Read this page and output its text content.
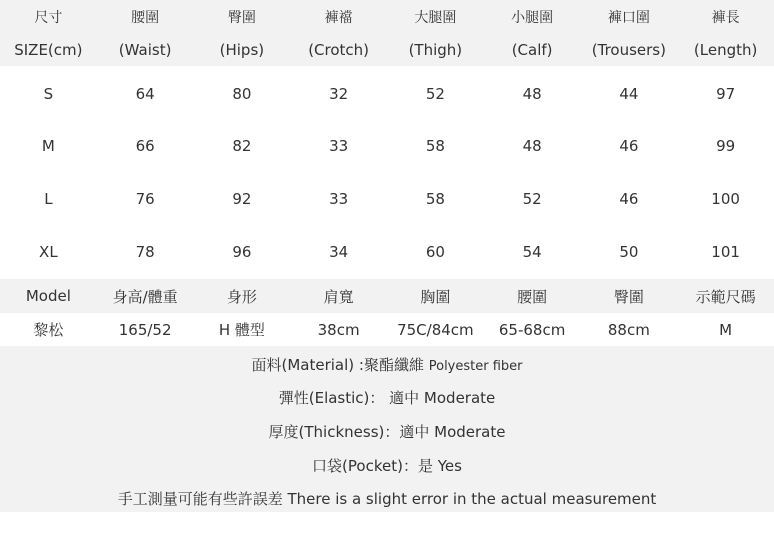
尺寸	腰圍	臀圍	褲襠	大腿圍	小腿圍	褲口圍	褲長
SIZE(cm)	(Waist)	(Hips)	(Crotch)	(Thigh)	(Calf)	(Trousers)	(Length)
S	64	80	32	52	48	44	97
M	66	82	33	58	48	46	99
L	76	92	33	58	52	46	100
XL	78	96	34	60	54	50	101
Model	身高/體重	身形	肩寬	胸圍	腰圍	臀圍	示範尺碼
黎松	165/52	H 體型	38cm	75C/84cm	65-68cm	88cm	M
面料(Material) :聚酯纖維 Polyester fiber
彈性(Elastic)： 適中 Moderate
厚度(Thickness)：適中 Moderate
口袋(Pocket)：是 Yes
手工測量可能有些許誤差 There is a slight error in the actual measurement
